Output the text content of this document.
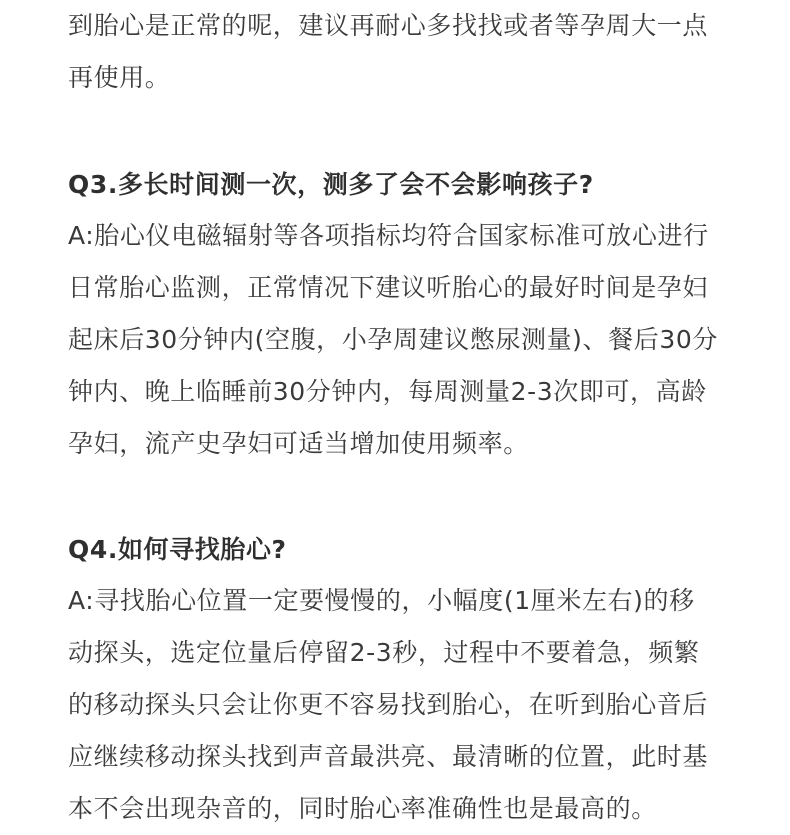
到胎心是正常的呢，建议再耐心多找找或者等孕周大一点
再使用。
Q3.多长时间测一次，测多了会不会影响孩子?
A:胎心仪电磁辐射等各项指标均符合国家标准可放心进行
日常胎心监测，正常情况下建议听胎心的最好时间是孕妇
起床后30分钟内(空腹，小孕周建议憋尿测量)、餐后30分
钟内、晚上临睡前30分钟内，每周测量2-3次即可，高龄
孕妇，流产史孕妇可适当增加使用频率。
Q4.如何寻找胎心?
A:寻找胎心位置一定要慢慢的，小幅度(1厘米左右)的移
动探头，选定位量后停留2-3秒，过程中不要着急，频繁
的移动探头只会让你更不容易找到胎心，在听到胎心音后
应继续移动探头找到声音最洪亮、最清晰的位置，此时基
本不会出现杂音的，同时胎心率准确性也是最高的。
